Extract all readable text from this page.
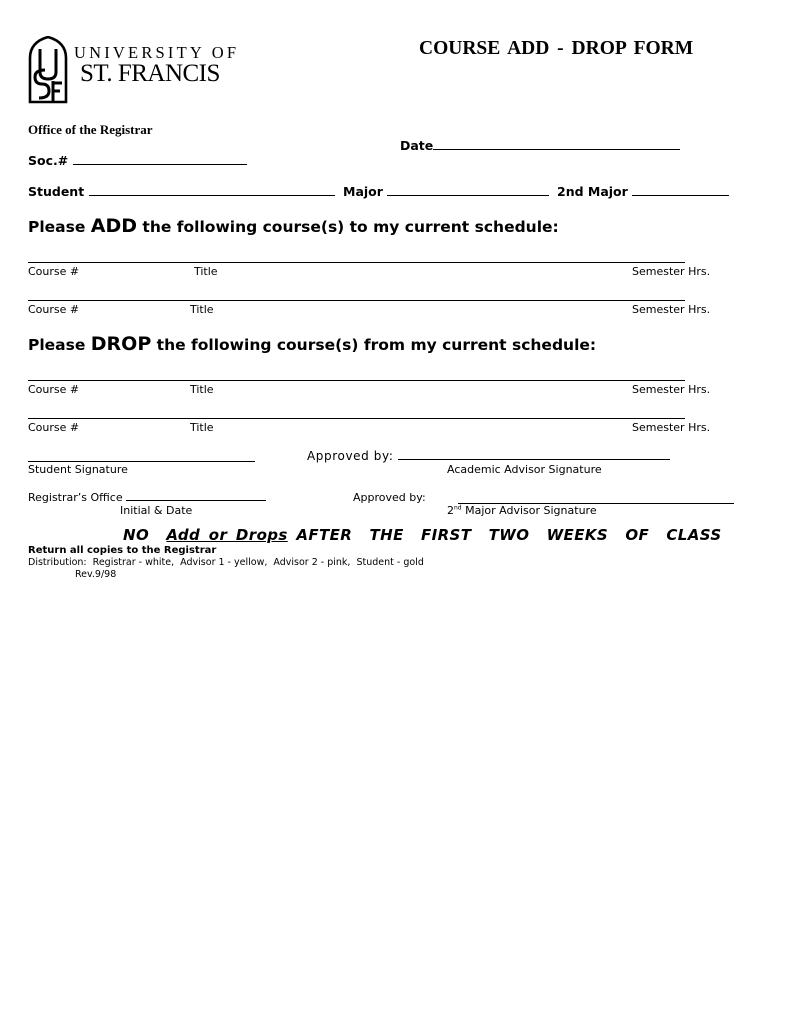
UNIVERSITY OF
ST. FRANCIS
COURSE ADD - DROP FORM
Office of the Registrar
Date
Soc.#
Student	Major	2nd Major
Please ADD the following course(s) to my current schedule:
Course #	Title	Semester Hrs.
Course #	Title	Semester Hrs.
Please DROP the following course(s) from my current schedule:
Course #	Title	Semester Hrs.
Course #	Title	Semester Hrs.
Approved by:
Student Signature	Academic Advisor Signature
Registrar’s Office	Approved by:
Initial & Date	2nd Major Advisor Signature
NO Add or Drops AFTER  THE  FIRST  TWO  WEEKS  OF  CLASS
Return all copies to the Registrar
Distribution:  Registrar - white,  Advisor 1 - yellow,  Advisor 2 - pink,  Student - gold
Rev.9/98
